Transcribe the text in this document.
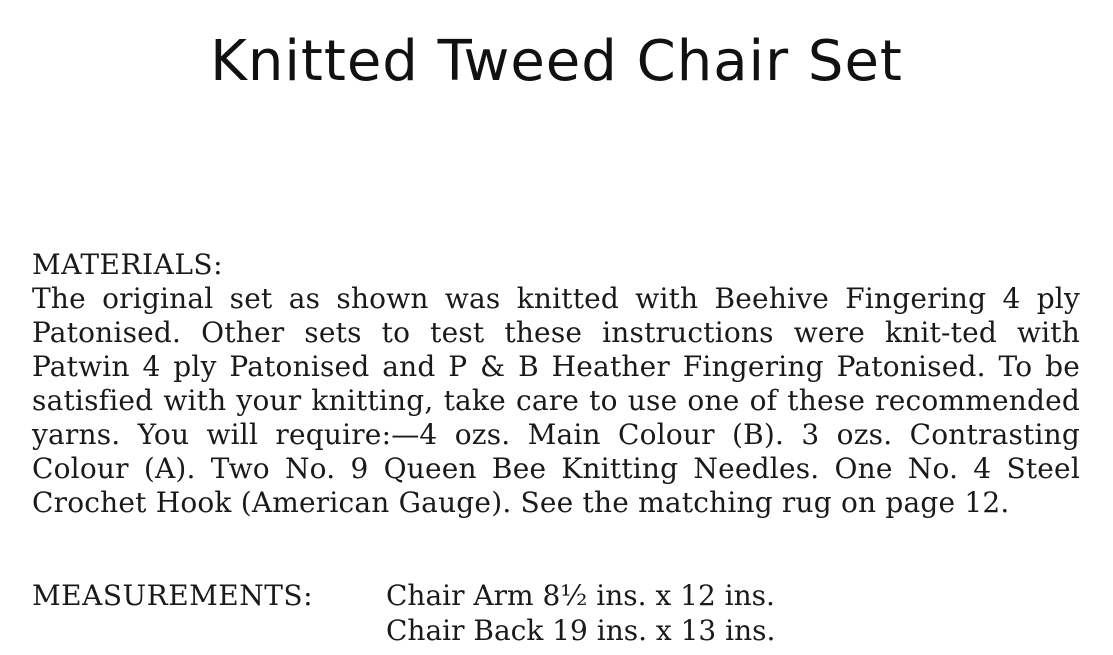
Knitted Tweed Chair Set
MATERIALS:

The original set as shown was knitted with Beehive Fingering 4 ply Patonised. Other sets to test these instructions were knit-ted with Patwin 4 ply Patonised and P & B Heather Fingering Patonised. To be satisfied with your knitting, take care to use one of these recommended yarns. You will require:—4 ozs. Main Colour (B). 3 ozs. Contrasting Colour (A). Two No. 9 Queen Bee Knitting Needles. One No. 4 Steel Crochet Hook (American Gauge). See the matching rug on page 12.

MEASUREMENTS:	Chair Arm 8½ ins. x 12 ins.
Chair Back 19 ins. x 13 ins.
